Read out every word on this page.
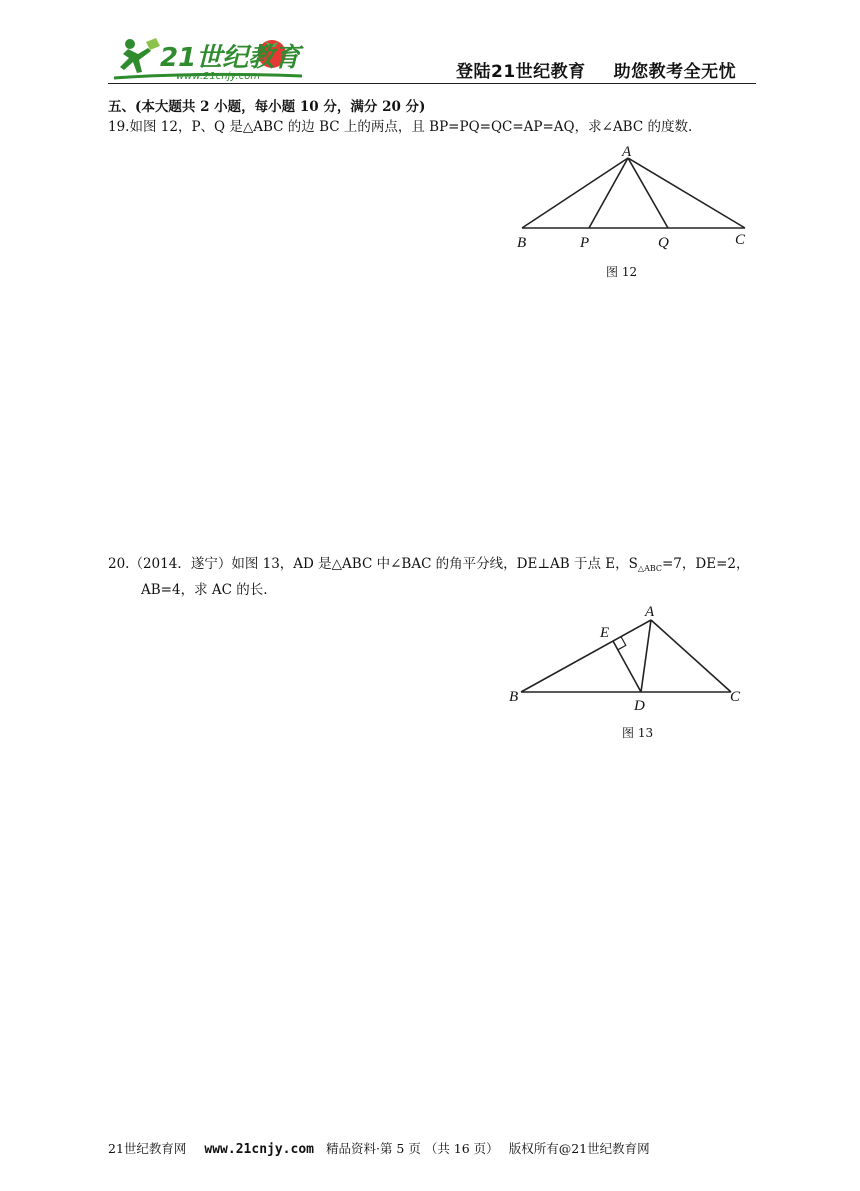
21世纪教育
www.21cnjy.com	登陆21世纪教育 助您教考全无忧
五、(本大题共 2 小题，每小题 10 分，满分 20 分)
19.如图 12，P、Q 是△ABC 的边 BC 上的两点，且 BP=PQ=QC=AP=AQ，求∠ABC 的度数.
A
B	P	Q	C
图 12
20.（2014．遂宁）如图 13，AD 是△ABC 中∠BAC 的角平分线，DE⊥AB 于点 E，$S_{\triangle ABC}=7$，DE=2，
AB=4，求 AC 的长.
A
E
B
D
C
图 13
21世纪教育网 www.21cnjy.com 精品资料·第 5 页 （共 16 页） 版权所有@21世纪教育网
